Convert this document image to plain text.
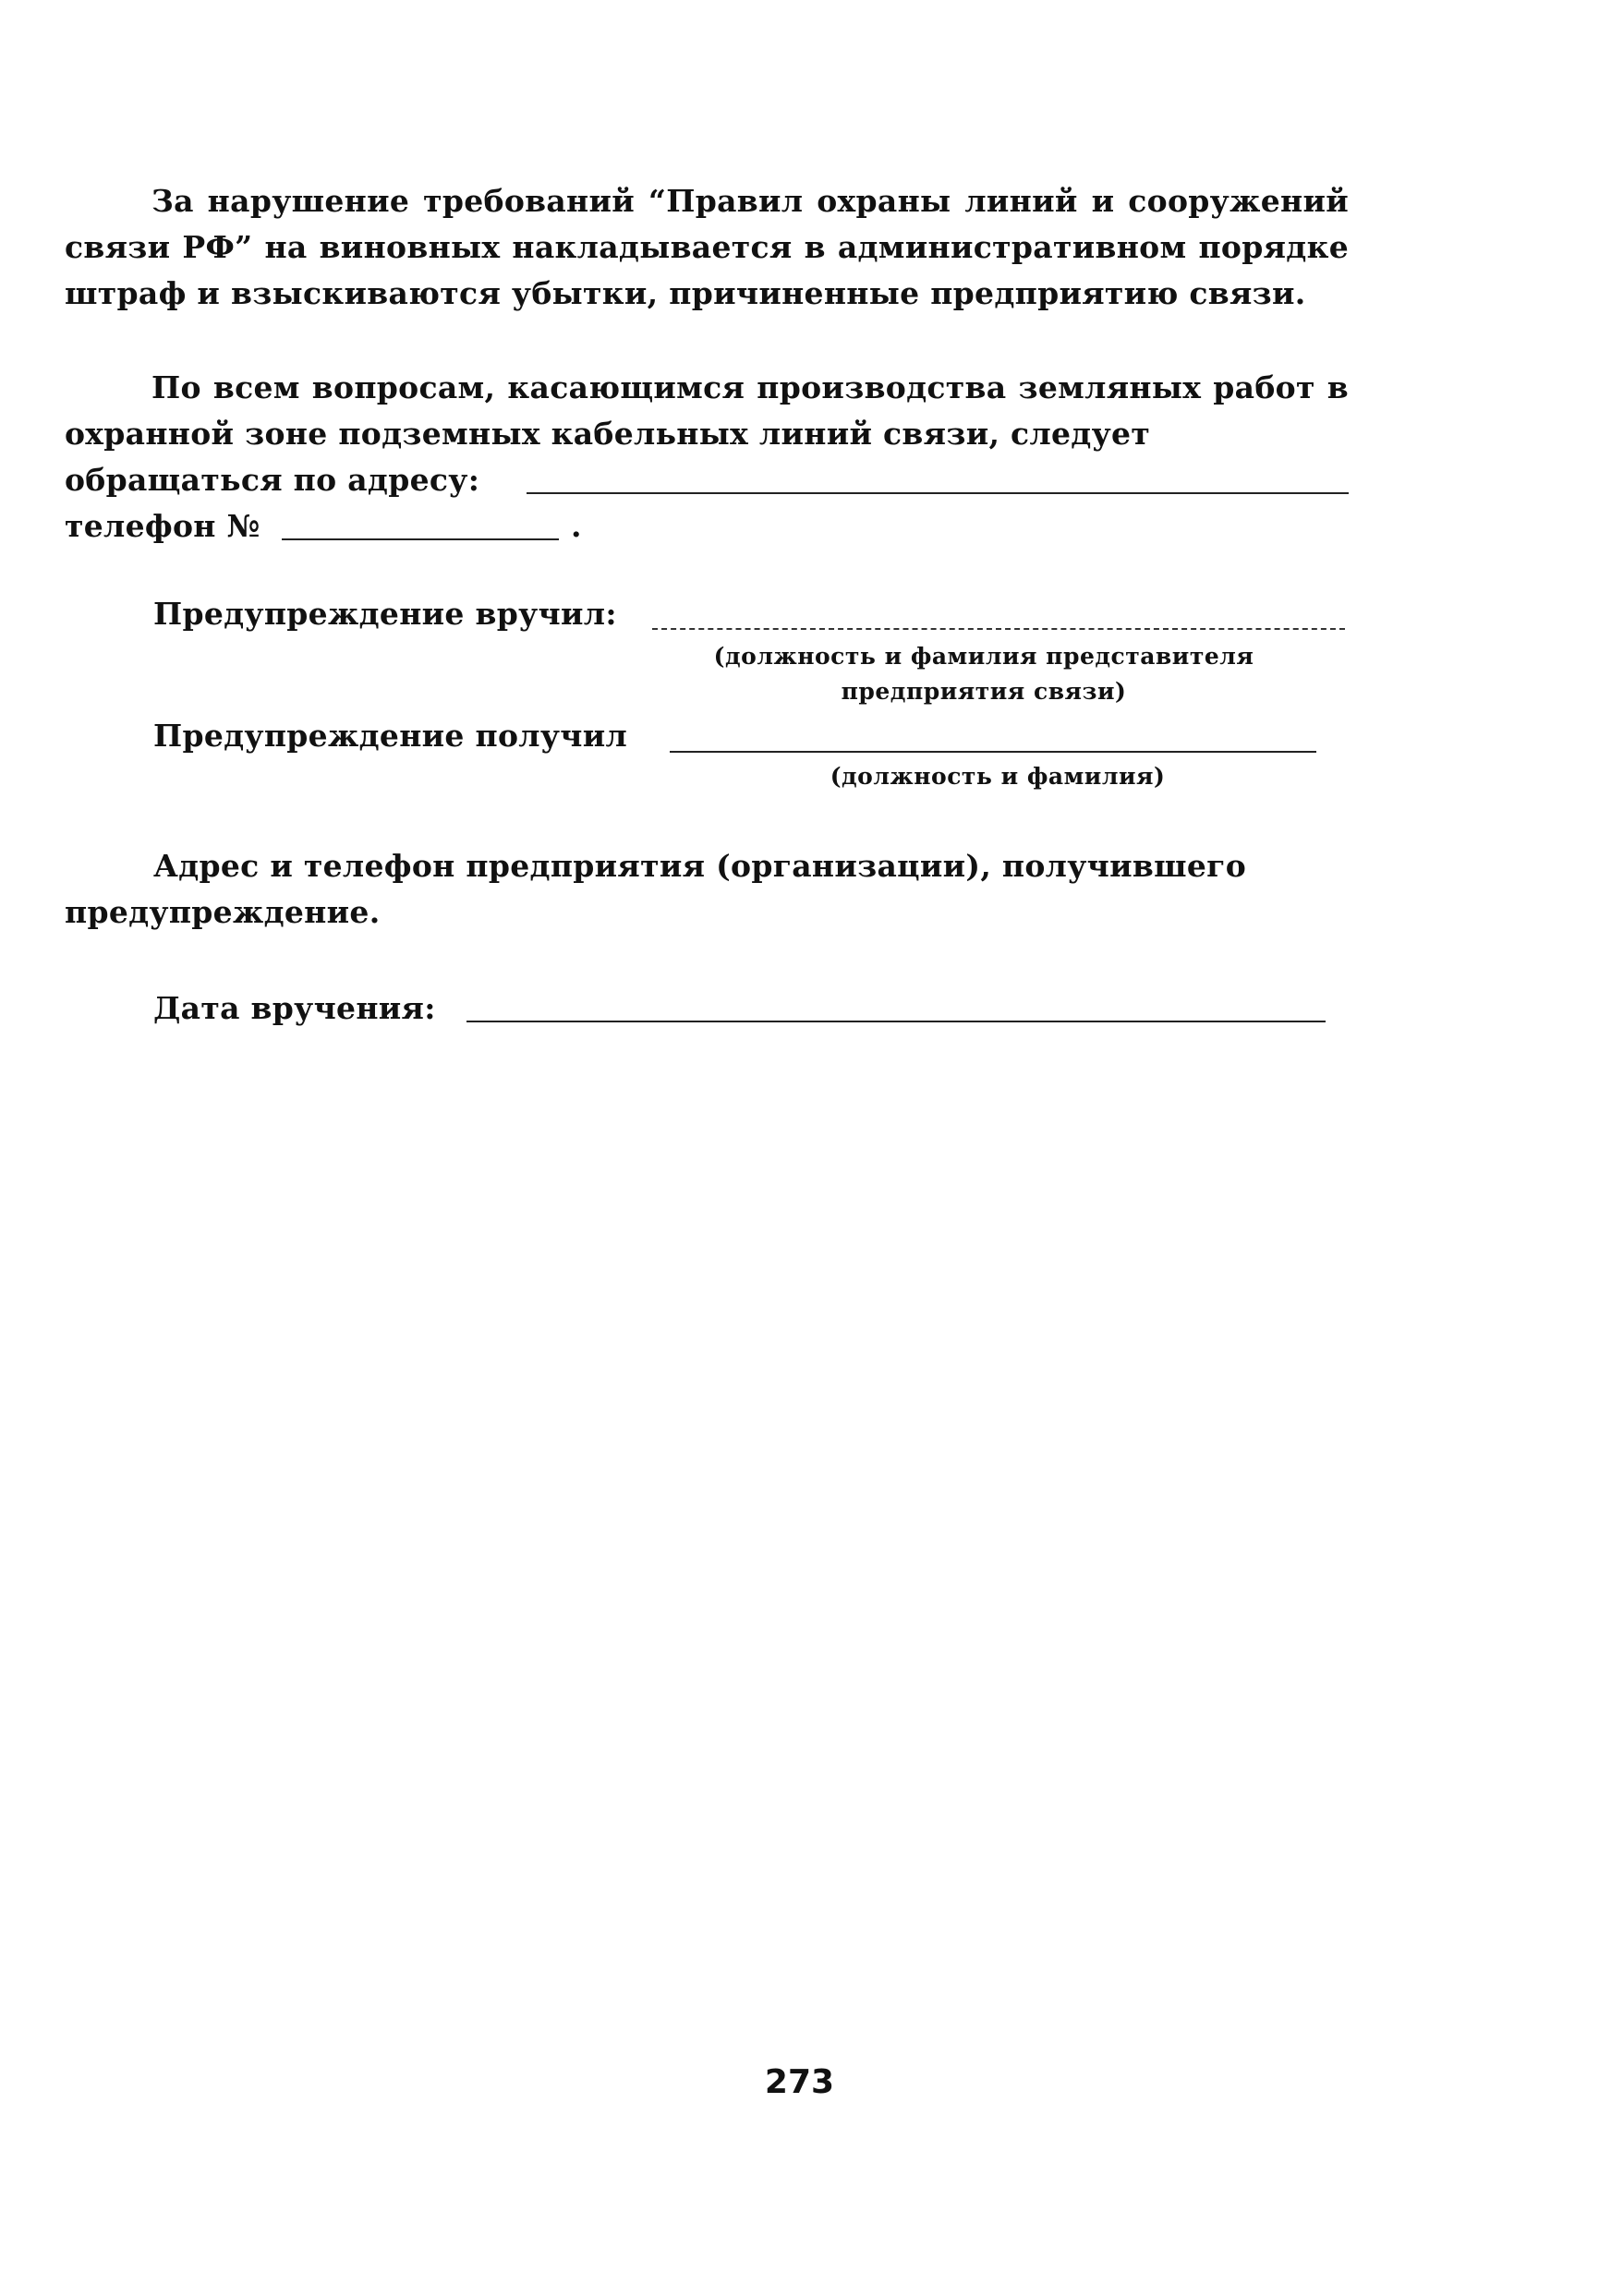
За нарушение требований “Правил охраны линий и сооружений связи РФ” на виновных накладывается в административном порядке штраф и взыскиваются убытки, причиненные предприятию связи.
По всем вопросам, касающимся производства земляных работ в охранной зоне подземных кабельных линий связи, следует
обращаться по адресу:
телефон №	.
Предупреждение вручил:
(должность и фамилия представителя
предприятия связи)
Предупреждение получил
(должность и фамилия)
Адрес и телефон предприятия (организации), получившего
предупреждение.
Дата вручения:
273
